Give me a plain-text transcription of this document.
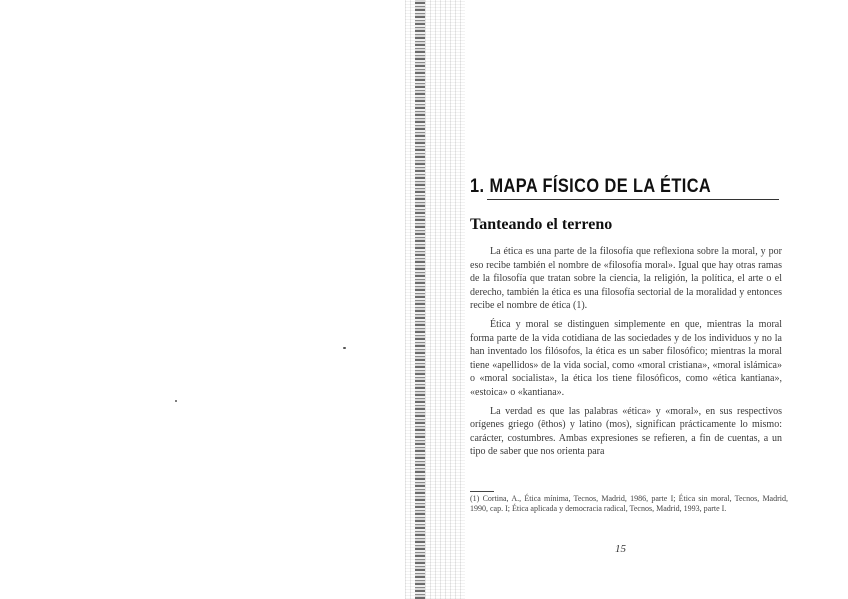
1. MAPA FÍSICO DE LA ÉTICA
Tanteando el terreno

La ética es una parte de la filosofía que reflexiona sobre la moral, y por eso recibe también el nombre de «filosofía moral». Igual que hay otras ramas de la filosofía que tratan sobre la ciencia, la religión, la política, el arte o el derecho, también la ética es una filosofía sectorial de la moralidad y entonces recibe el nombre de ética (1).

Ética y moral se distinguen simplemente en que, mientras la moral forma parte de la vida cotidiana de las sociedades y de los individuos y no la han inventado los filósofos, la ética es un saber filosófico; mientras la moral tiene «apellidos» de la vida social, como «moral cristiana», «moral islámica» o «moral socialista», la ética los tiene filosóficos, como «ética kantiana», «estoica» o «kantiana».

La verdad es que las palabras «ética» y «moral», en sus respectivos orígenes griego (êthos) y latino (mos), significan prácticamente lo mismo: carácter, costumbres. Ambas expresiones se refieren, a fin de cuentas, a un tipo de saber que nos orienta para

(1) Cortina, A., Ética mínima, Tecnos, Madrid, 1986, parte I; Ética sin moral, Tecnos, Madrid, 1990, cap. I; Ética aplicada y democracia radical, Tecnos, Madrid, 1993, parte I.
15
